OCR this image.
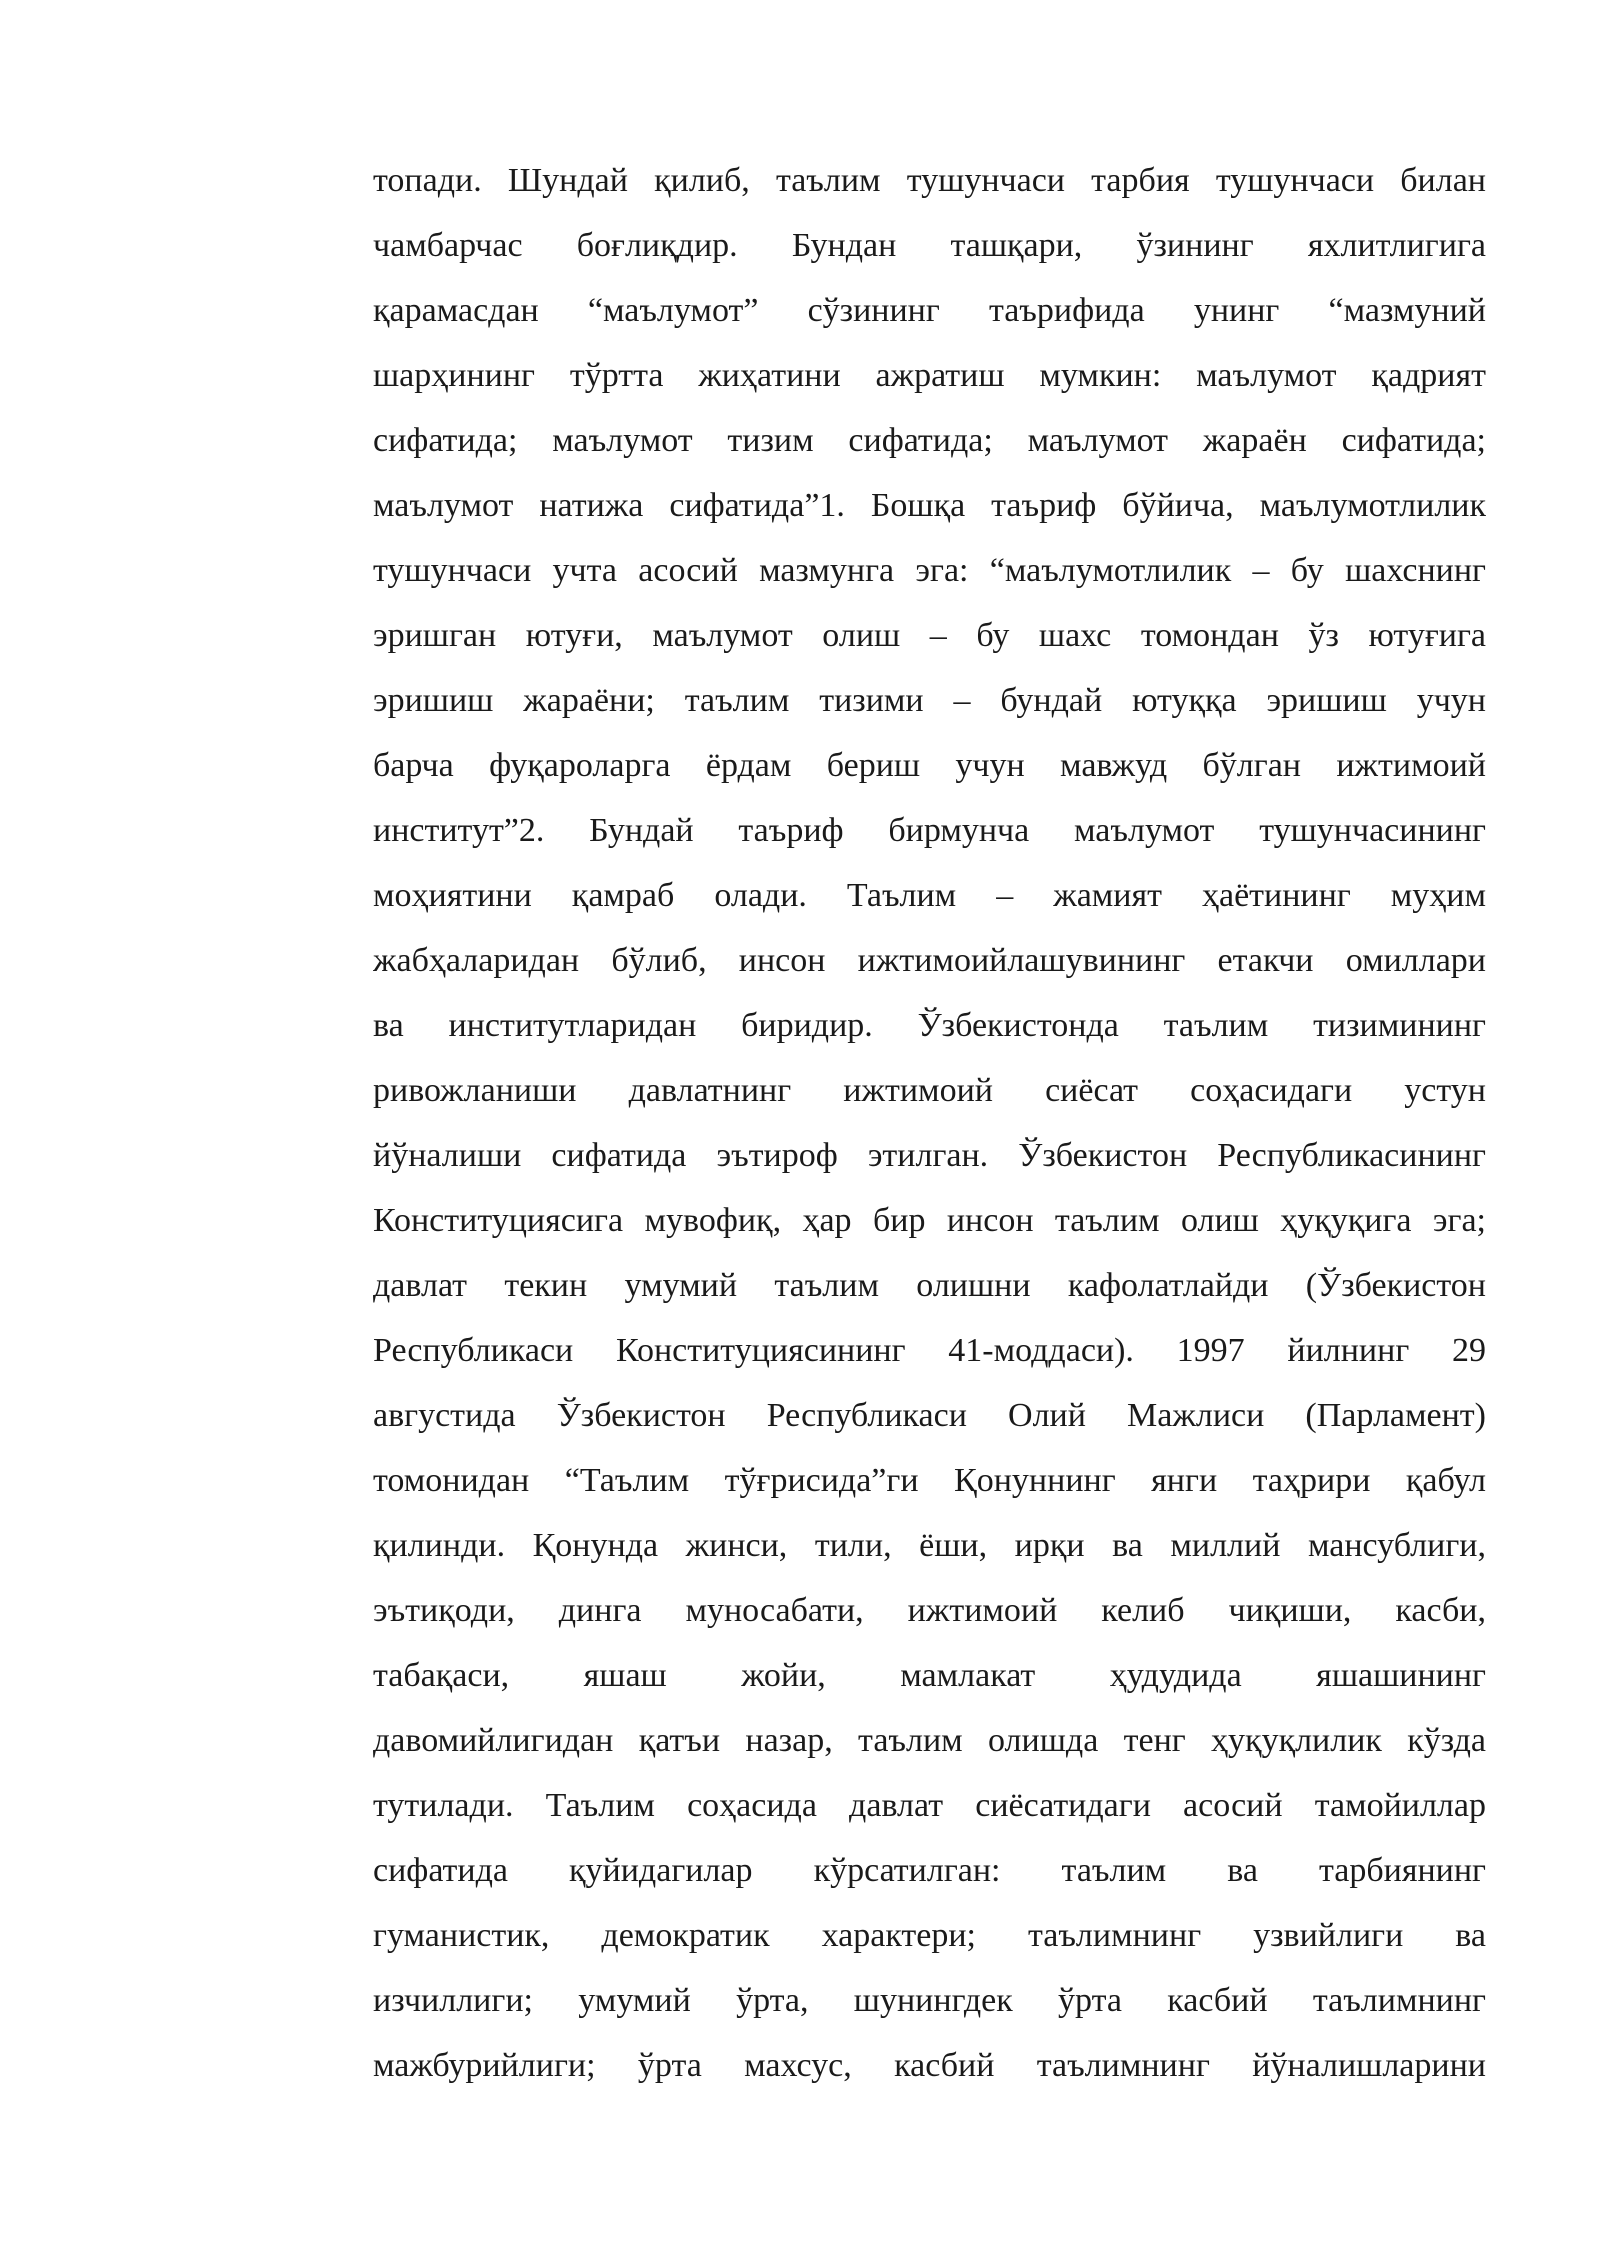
топади. Шундай қилиб, таълим тушунчаси тарбия тушунчаси билан
чамбарчас боғлиқдир. Бундан ташқари, ўзининг яхлитлигига
қарамасдан “маълумот” сўзининг таърифида унинг “мазмуний
шарҳининг тўртта жиҳатини ажратиш мумкин: маълумот қадрият
сифатида; маълумот тизим сифатида; маълумот жараён сифатида;
маълумот натижа сифатида”1. Бошқа таъриф бўйича, маълумотлилик
тушунчаси учта асосий мазмунга эга: “маълумотлилик – бу шахснинг
эришган ютуғи, маълумот олиш – бу шахс томондан ўз ютуғига
эришиш жараёни; таълим тизими – бундай ютуққа эришиш учун
барча фуқароларга ёрдам бериш учун мавжуд бўлган ижтимоий
институт”2. Бундай таъриф бирмунча маълумот тушунчасининг
моҳиятини қамраб олади. Таълим – жамият ҳаётининг муҳим
жабҳаларидан бўлиб, инсон ижтимоийлашувининг етакчи омиллари
ва институтларидан биридир. Ўзбекистонда таълим тизимининг
ривожланиши давлатнинг ижтимоий сиёсат соҳасидаги устун
йўналиши сифатида эътироф этилган. Ўзбекистон Республикасининг
Конституциясига мувофиқ, ҳар бир инсон таълим олиш ҳуқуқига эга;
давлат текин умумий таълим олишни кафолатлайди (Ўзбекистон
Республикаси Конституциясининг 41-моддаси). 1997 йилнинг 29
августида Ўзбекистон Республикаси Олий Мажлиси (Парламент)
томонидан “Таълим тўғрисида”ги Қонуннинг янги таҳрири қабул
қилинди. Қонунда жинси, тили, ёши, ирқи ва миллий мансублиги,
эътиқоди, динга муносабати, ижтимоий келиб чиқиши, касби,
табақаси, яшаш жойи, мамлакат ҳудудида яшашининг
давомийлигидан қатъи назар, таълим олишда тенг ҳуқуқлилик кўзда
тутилади. Таълим соҳасида давлат сиёсатидаги асосий тамойиллар
сифатида қуйидагилар кўрсатилган: таълим ва тарбиянинг
гуманистик, демократик характери; таълимнинг узвийлиги ва
изчиллиги; умумий ўрта, шунингдек ўрта касбий таълимнинг
мажбурийлиги; ўрта махсус, касбий таълимнинг йўналишларини
